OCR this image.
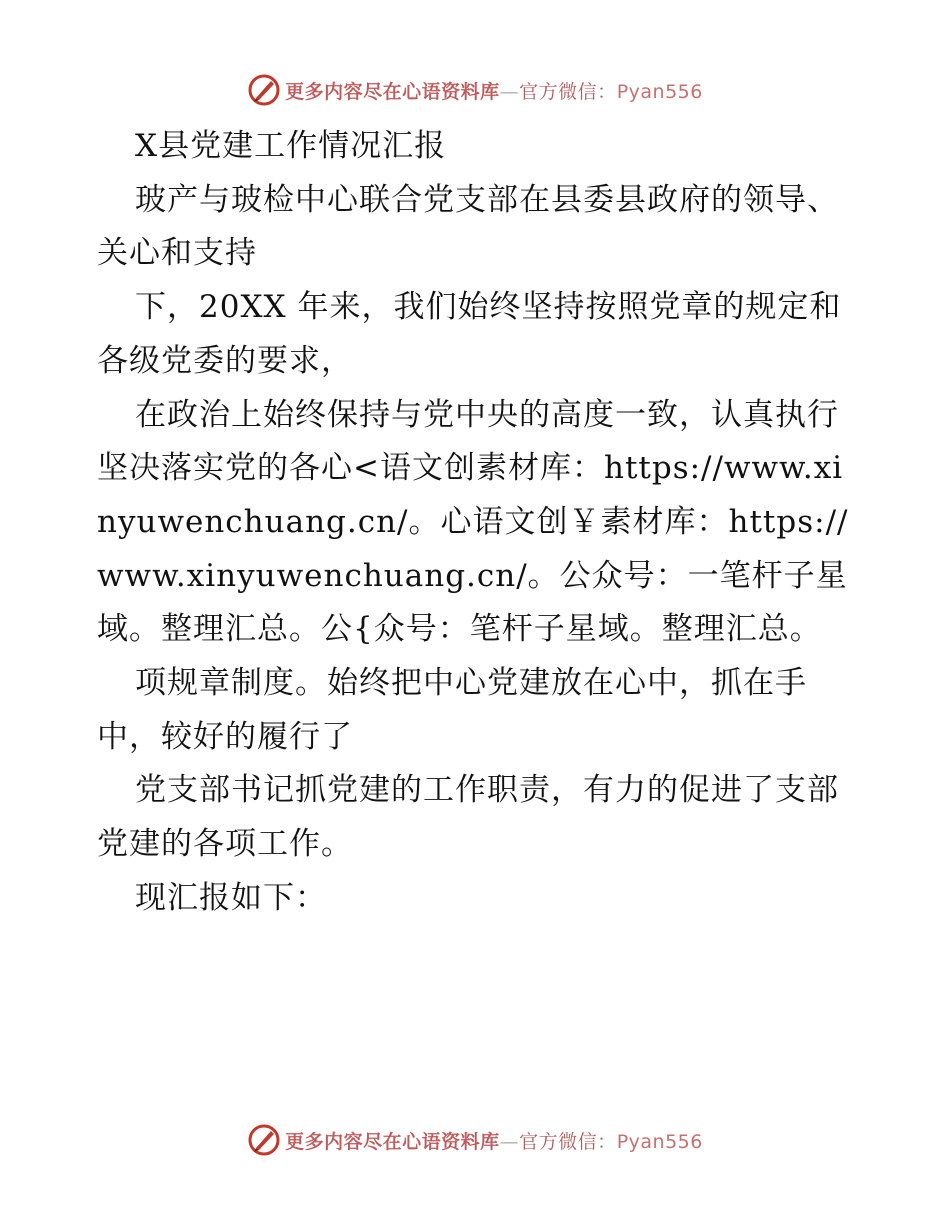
更多内容尽在心语资料库—官方微信：Pyan556

X县党建工作情况汇报

玻产与玻检中心联合党支部在县委县政府的领导、关心和支持

下，20XX 年来，我们始终坚持按照党章的规定和各级党委的要求，

在政治上始终保持与党中央的高度一致，认真执行坚决落实党的各心<语文创素材库：https://www.xinyuwenchuang.cn/。心语文创￥素材库：https://www.xinyuwenchuang.cn/。公众号：一笔杆子星域。整理汇总。公{众号：笔杆子星域。整理汇总。

项规章制度。始终把中心党建放在心中，抓在手中，较好的履行了

党支部书记抓党建的工作职责，有力的促进了支部党建的各项工作。

现汇报如下：

更多内容尽在心语资料库—官方微信：Pyan556
